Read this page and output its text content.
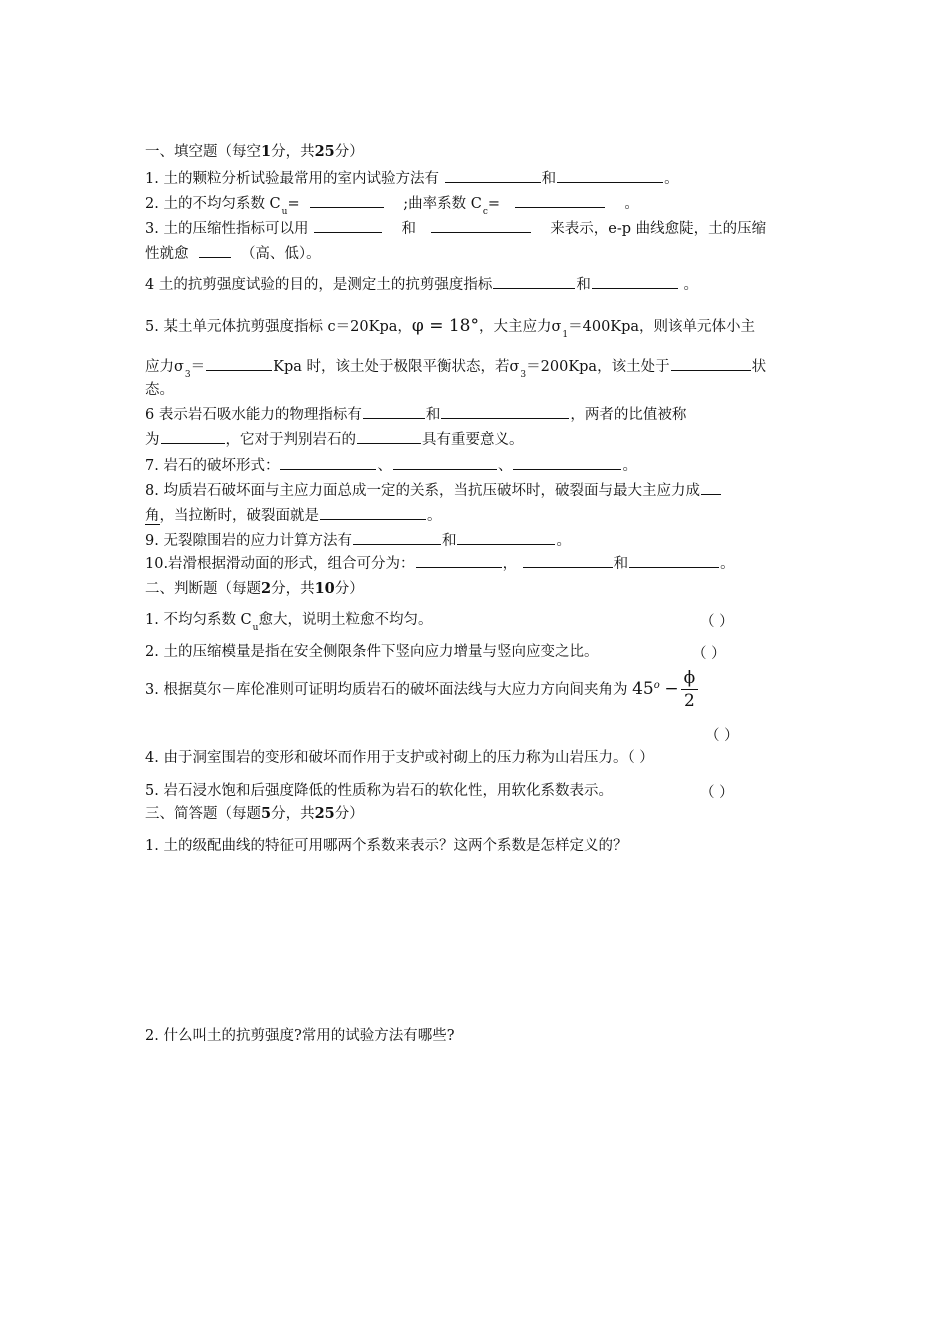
一、填空题（每空1分，共25分）
1. 土的颗粒分析试验最常用的室内试验方法有	和	。
2. 土的不均匀系数 $C_u=$	;曲率系数 $C_c=$	。
3. 土的压缩性指标可以用	和	来表示，e-p 曲线愈陡，土的压缩
性就愈	（高、低）。
4 土的抗剪强度试验的目的，是测定土的抗剪强度指标	和	。
5. 某土单元体抗剪强度指标 c＝20Kpa，φ = 18°，大主应力$\sigma_1=400Kpa$，则该单元体小主
应力$\sigma_3=$	Kpa 时，该土处于极限平衡状态，若$\sigma_3=200Kpa$，该土处于	状
态。
6 表示岩石吸水能力的物理指标有	和	，两者的比值被称
为	，它对于判别岩石的	具有重要意义。
7. 岩石的破坏形式：	、	、	。
8. 均质岩石破坏面与主应力面总成一定的关系，当抗压破坏时，破裂面与最大主应力成
角，当拉断时，破裂面就是	。
9. 无裂隙围岩的应力计算方法有	和	。
10.岩滑根据滑动面的形式，组合可分为：	，	和	。
二、判断题（每题2分，共10分）
1. 不均匀系数 $C_u$愈大，说明土粒愈不均匀。	（ ）
2. 土的压缩模量是指在安全侧限条件下竖向应力增量与竖向应变之比。	（ ）
3. 根据莫尔－库伦准则可证明均质岩石的破坏面法线与大应力方向间夹角为 $45^o - \frac{\phi}{2}$
（ ）
4. 由于洞室围岩的变形和破坏而作用于支护或衬砌上的压力称为山岩压力。（ ）
5. 岩石浸水饱和后强度降低的性质称为岩石的软化性，用软化系数表示。	（ ）
三、简答题（每题5分，共25分）
1. 土的级配曲线的特征可用哪两个系数来表示？这两个系数是怎样定义的？
2. 什么叫土的抗剪强度?常用的试验方法有哪些?
